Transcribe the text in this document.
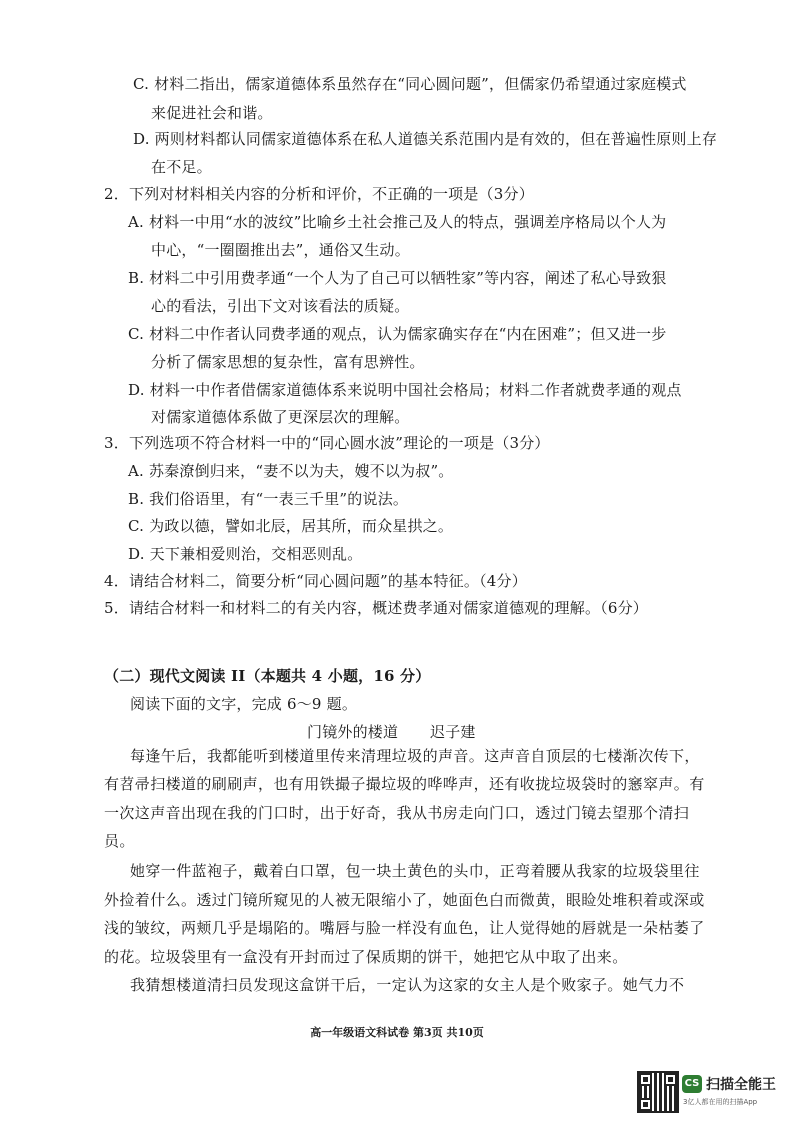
C. 材料二指出，儒家道德体系虽然存在“同心圆问题”，但儒家仍希望通过家庭模式
来促进社会和谐。
D. 两则材料都认同儒家道德体系在私人道德关系范围内是有效的，但在普遍性原则上存
在不足。
2．下列对材料相关内容的分析和评价，不正确的一项是（3分）
A. 材料一中用“水的波纹”比喻乡土社会推己及人的特点，强调差序格局以个人为
中心，“一圈圈推出去”，通俗又生动。
B. 材料二中引用费孝通“一个人为了自己可以牺牲家”等内容，阐述了私心导致狠
心的看法，引出下文对该看法的质疑。
C. 材料二中作者认同费孝通的观点，认为儒家确实存在“内在困难”；但又进一步
分析了儒家思想的复杂性，富有思辨性。
D. 材料一中作者借儒家道德体系来说明中国社会格局；材料二作者就费孝通的观点
对儒家道德体系做了更深层次的理解。
3．下列选项不符合材料一中的“同心圆水波”理论的一项是（3分）
A. 苏秦潦倒归来，“妻不以为夫，嫂不以为叔”。
B. 我们俗语里，有“一表三千里”的说法。
C. 为政以德，譬如北辰，居其所，而众星拱之。
D. 天下兼相爱则治，交相恶则乱。
4．请结合材料二，简要分析“同心圆问题”的基本特征。（4分）
5．请结合材料一和材料二的有关内容，概述费孝通对儒家道德观的理解。（6分）
（二）现代文阅读 II（本题共 4 小题，16 分）
阅读下面的文字，完成 6～9 题。
门镜外的楼道 迟子建
每逢午后，我都能听到楼道里传来清理垃圾的声音。这声音自顶层的七楼渐次传下，
有苕帚扫楼道的刷刷声，也有用铁撮子撮垃圾的哗哗声，还有收拢垃圾袋时的窸窣声。有
一次这声音出现在我的门口时，出于好奇，我从书房走向门口，透过门镜去望那个清扫
员。
她穿一件蓝袍子，戴着白口罩，包一块土黄色的头巾，正弯着腰从我家的垃圾袋里往
外捡着什么。透过门镜所窥见的人被无限缩小了，她面色白而微黄，眼睑处堆积着或深或
浅的皱纹，两颊几乎是塌陷的。嘴唇与脸一样没有血色，让人觉得她的唇就是一朵枯萎了
的花。垃圾袋里有一盒没有开封而过了保质期的饼干，她把它从中取了出来。
我猜想楼道清扫员发现这盒饼干后，一定认为这家的女主人是个败家子。她气力不
高一年级语文科试卷 第3页 共10页
CS 扫描全能王
3亿人都在用的扫描App
